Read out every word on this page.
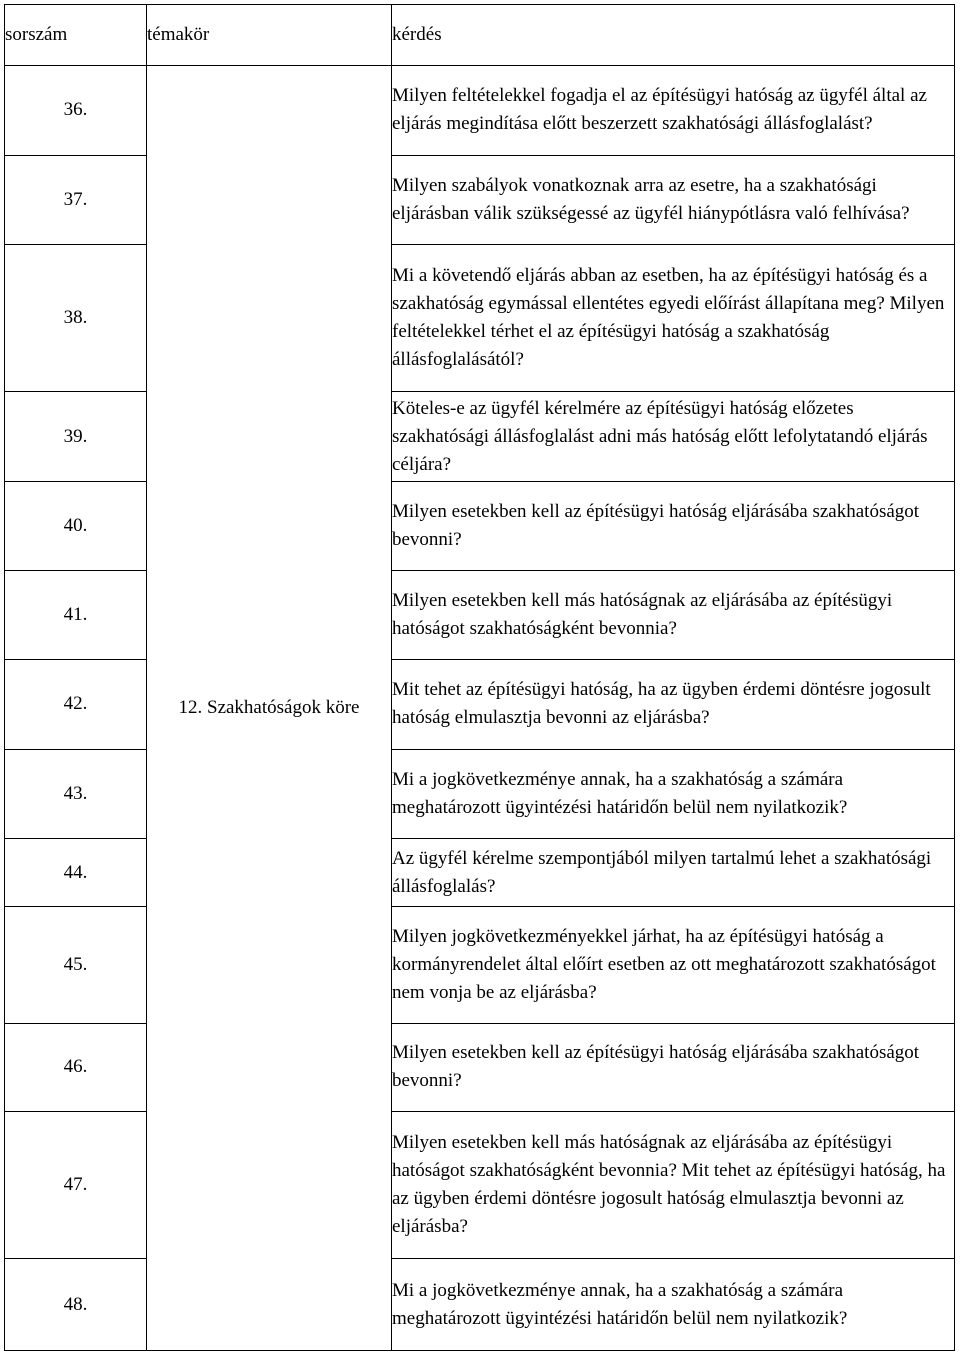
sorszám	témakör	kérdés
36.	12. Szakhatóságok köre	Milyen feltételekkel fogadja el az építésügyi hatóság az ügyfél által az eljárás megindítása előtt beszerzett szakhatósági állásfoglalást?
37.		Milyen szabályok vonatkoznak arra az esetre, ha a szakhatósági eljárásban válik szükségessé az ügyfél hiánypótlásra való felhívása?
38.		Mi a követendő eljárás abban az esetben, ha az építésügyi hatóság és a szakhatóság egymással ellentétes egyedi előírást állapítana meg? Milyen feltételekkel térhet el az építésügyi hatóság a szakhatóság állásfoglalásától?
39.		Köteles-e az ügyfél kérelmére az építésügyi hatóság előzetes szakhatósági állásfoglalást adni más hatóság előtt lefolytatandó eljárás céljára?
40.		Milyen esetekben kell az építésügyi hatóság eljárásába szakhatóságot bevonni?
41.		Milyen esetekben kell más hatóságnak az eljárásába az építésügyi hatóságot szakhatóságként bevonnia?
42.		Mit tehet az építésügyi hatóság, ha az ügyben érdemi döntésre jogosult hatóság elmulasztja bevonni az eljárásba?
43.		Mi a jogkövetkezménye annak, ha a szakhatóság a számára meghatározott ügyintézési határidőn belül nem nyilatkozik?
44.		Az ügyfél kérelme szempontjából milyen tartalmú lehet a szakhatósági állásfoglalás?
45.		Milyen jogkövetkezményekkel járhat, ha az építésügyi hatóság a kormányrendelet által előírt esetben az ott meghatározott szakhatóságot nem vonja be az eljárásba?
46.		Milyen esetekben kell az építésügyi hatóság eljárásába szakhatóságot bevonni?
47.		Milyen esetekben kell más hatóságnak az eljárásába az építésügyi hatóságot szakhatóságként bevonnia? Mit tehet az építésügyi hatóság, ha az ügyben érdemi döntésre jogosult hatóság elmulasztja bevonni az eljárásba?
48.		Mi a jogkövetkezménye annak, ha a szakhatóság a számára meghatározott ügyintézési határidőn belül nem nyilatkozik?
